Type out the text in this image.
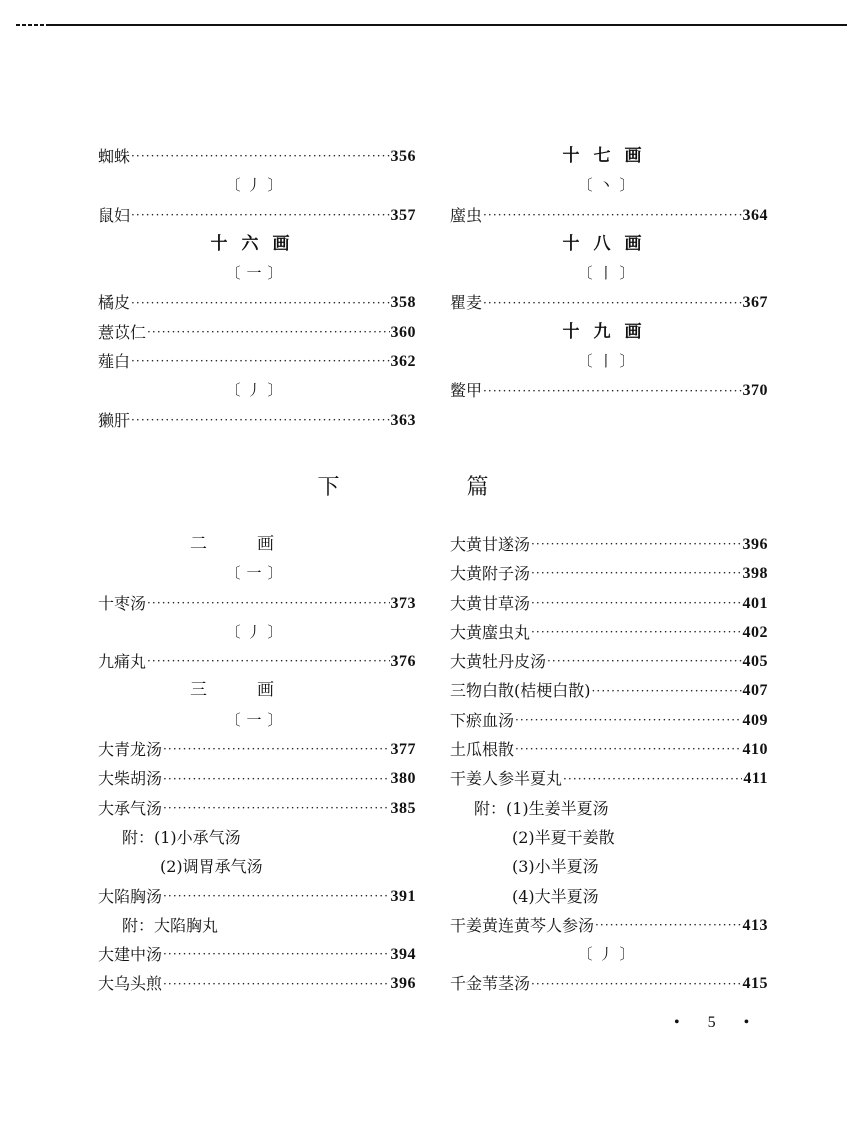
蜘蛛 ·····	356
〔丿〕
鼠妇 ·····	357
十六画
〔一〕
橘皮 ·····	358
薏苡仁 ·····	360
薤白 ·····	362
〔丿〕
獭肝 ·····	363
十七画
〔丶〕
䗪虫 ·····	364
十八画
〔丨〕
瞿麦 ·····	367
十九画
〔丨〕
鳖甲 ·····	370
下 篇
二画
〔一〕
十枣汤 ·····	373
〔丿〕
九痛丸 ·····	376
三画
〔一〕
大青龙汤 ·····	377
大柴胡汤 ·····	380
大承气汤 ·····	385
附：(1)小承气汤
(2)调胃承气汤
大陷胸汤 ·····	391
附：大陷胸丸
大建中汤 ·····	394
大乌头煎 ·····	396
大黄甘遂汤 ·····	396
大黄附子汤 ·····	398
大黄甘草汤 ·····	401
大黄䗪虫丸 ·····	402
大黄牡丹皮汤 ·····	405
三物白散(桔梗白散) ·····	407
下瘀血汤 ·····	409
土瓜根散 ·····	410
干姜人参半夏丸 ·····	411
附：(1)生姜半夏汤
(2)半夏干姜散
(3)小半夏汤
(4)大半夏汤
干姜黄连黄芩人参汤 ·····	413
〔丿〕
千金苇茎汤 ·····	415
• 5 •
